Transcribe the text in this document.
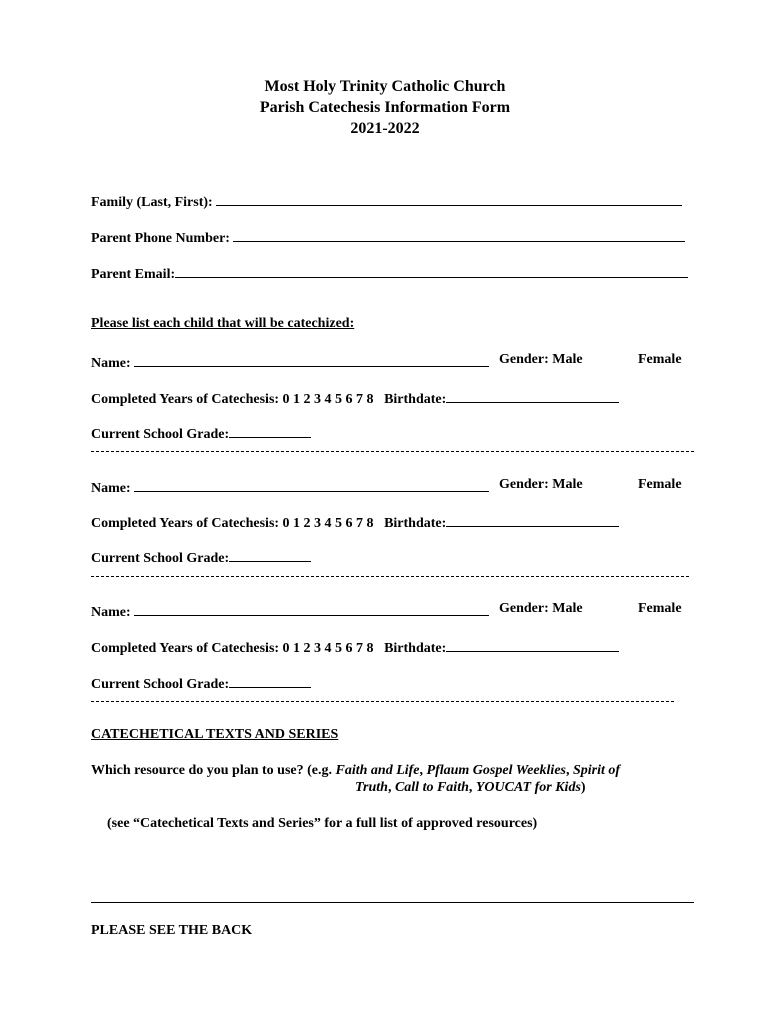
Most Holy Trinity Catholic Church
Parish Catechesis Information Form
2021-2022
Family (Last, First):
Parent Phone Number:
Parent Email:
Please list each child that will be catechized:
Name:	Gender: Male	Female
Completed Years of Catechesis: 0 1 2 3 4 5 6 7 8 Birthdate:
Current School Grade:
Name:	Gender: Male	Female
Completed Years of Catechesis: 0 1 2 3 4 5 6 7 8 Birthdate:
Current School Grade:
Name:	Gender: Male	Female
Completed Years of Catechesis: 0 1 2 3 4 5 6 7 8 Birthdate:
Current School Grade:
CATECHETICAL TEXTS AND SERIES
Which resource do you plan to use? (e.g. Faith and Life, Pflaum Gospel Weeklies, Spirit of
Truth, Call to Faith, YOUCAT for Kids)
(see “Catechetical Texts and Series” for a full list of approved resources)
PLEASE SEE THE BACK
